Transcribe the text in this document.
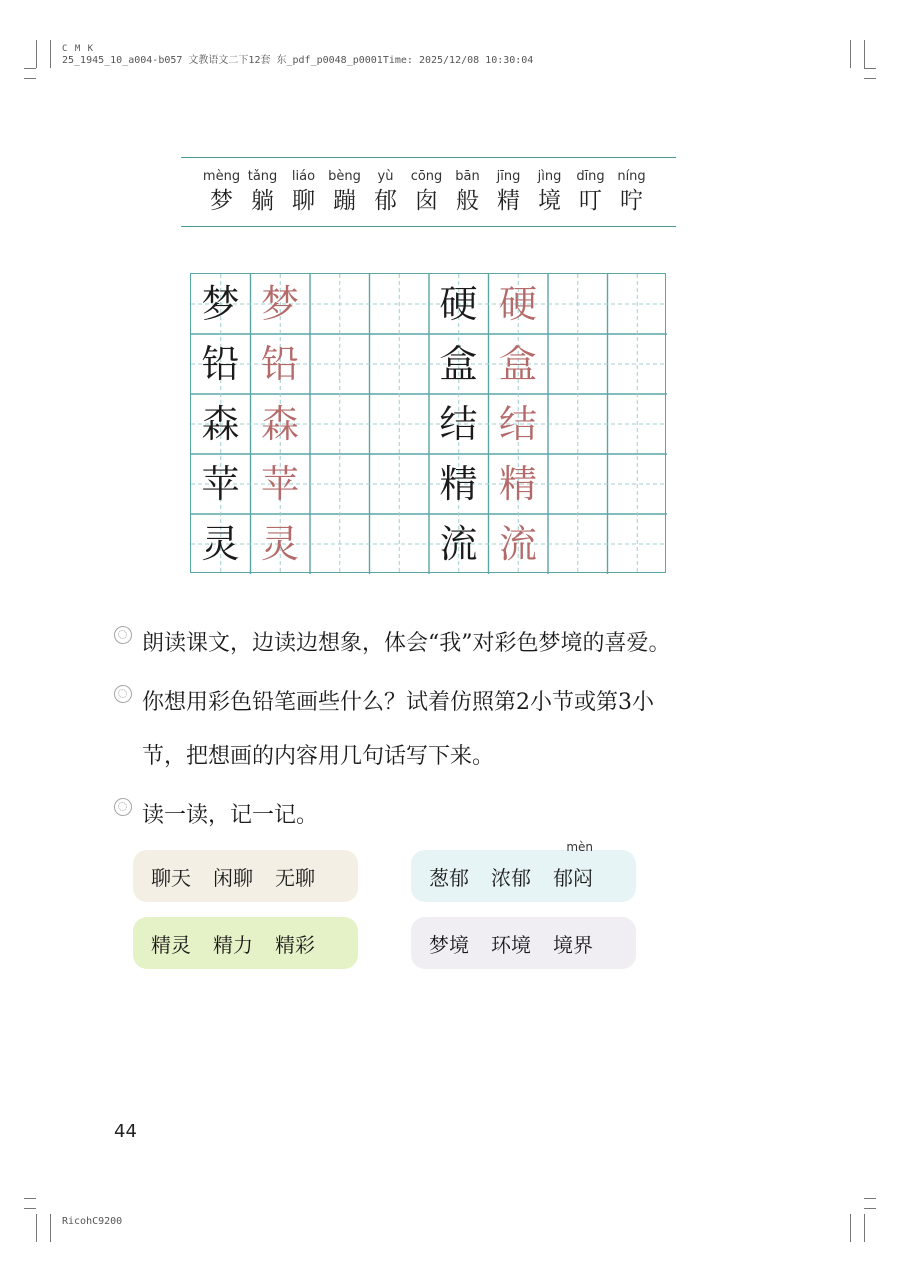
C M K
25_1945_10_a004-b057 文教语文二下12套 东_pdf_p0048_p0001Time: 2025/12/08 10:30:04
RicohC9200
mèng
梦
tǎng
躺
liáo
聊
bèng
蹦
yù
郁
cōng
囱
bān
般
jīng
精
jìng
境
dīng
叮
níng
咛
梦 梦
铅 铅
森 森
苹 苹
灵 灵
硬 硬
盒 盒
结 结
精 精
流 流
朗读课文，边读边想象，体会“我”对彩色梦境的喜爱。
你想用彩色铅笔画些什么？试着仿照第2小节或第3小
节，把想画的内容用几句话写下来。
读一读，记一记。
聊天 闲聊 无聊	葱郁 浓郁
mèn
郁闷
精灵 精力 精彩	梦境 环境 境界
44
